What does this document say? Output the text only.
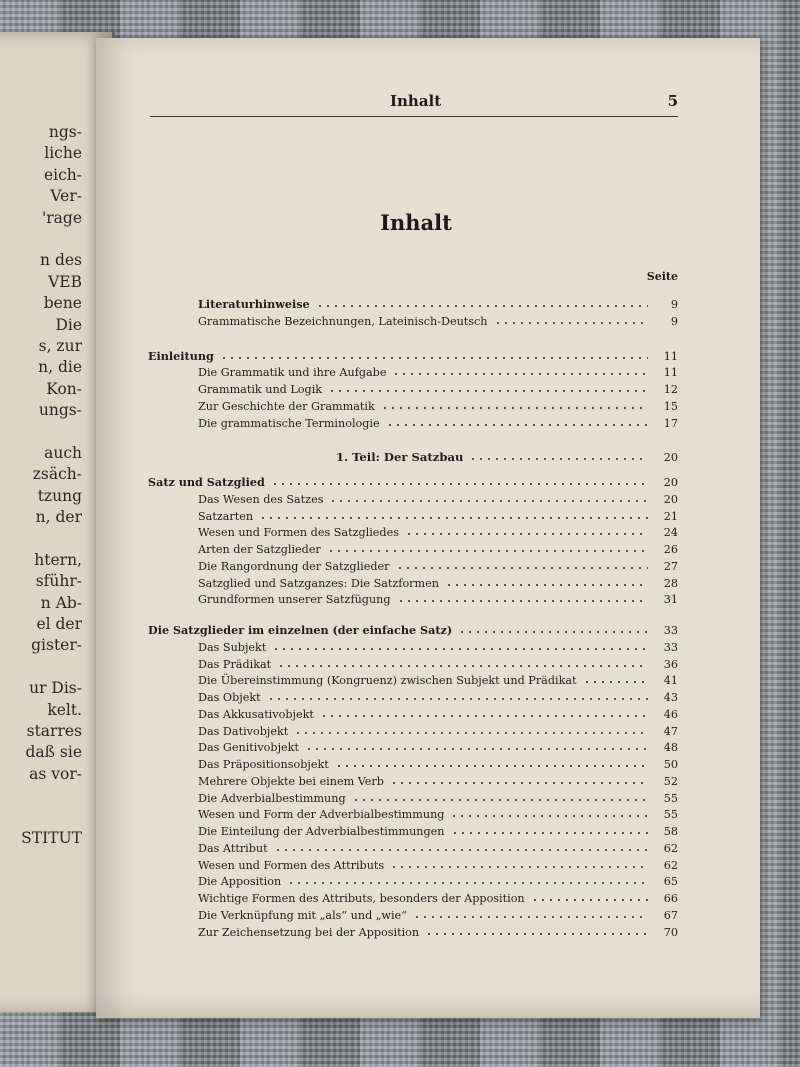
ngs-
liche
eich-
Ver-
'rage
n des
VEB
bene
Die
s, zur
n, die
Kon-
ungs-
auch
zsäch-
tzung
n, der
htern,
sführ-
n Ab-
el der
gister-
ur Dis-
kelt.
starres
daß sie
as vor-
STITUT
Inhalt	5
Inhalt
Seite
Literaturhinweise	9
Grammatische Bezeichnungen, Lateinisch-Deutsch	9
Einleitung	11
Die Grammatik und ihre Aufgabe	11
Grammatik und Logik	12
Zur Geschichte der Grammatik	15
Die grammatische Terminologie	17
1. Teil: Der Satzbau	20
Satz und Satzglied	20
Das Wesen des Satzes	20
Satzarten	21
Wesen und Formen des Satzgliedes	24
Arten der Satzglieder	26
Die Rangordnung der Satzglieder	27
Satzglied und Satzganzes: Die Satzformen	28
Grundformen unserer Satzfügung	31
Die Satzglieder im einzelnen (der einfache Satz)	33
Das Subjekt	33
Das Prädikat	36
Die Übereinstimmung (Kongruenz) zwischen Subjekt und Prädikat	41
Das Objekt	43
Das Akkusativobjekt	46
Das Dativobjekt	47
Das Genitivobjekt	48
Das Präpositionsobjekt	50
Mehrere Objekte bei einem Verb	52
Die Adverbialbestimmung	55
Wesen und Form der Adverbialbestimmung	55
Die Einteilung der Adverbialbestimmungen	58
Das Attribut	62
Wesen und Formen des Attributs	62
Die Apposition	65
Wichtige Formen des Attributs, besonders der Apposition	66
Die Verknüpfung mit „als“ und „wie“	67
Zur Zeichensetzung bei der Apposition	70
